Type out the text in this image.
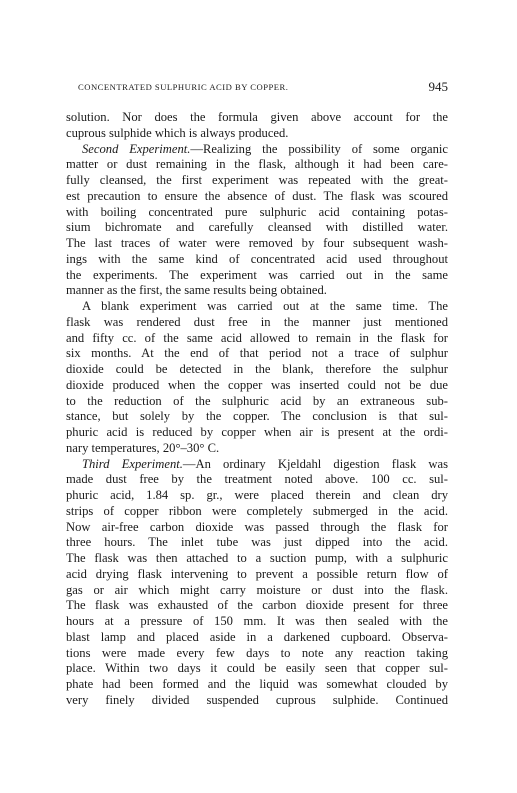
CONCENTRATED SULPHURIC ACID BY COPPER.	945
solution. Nor does the formula given above account for the
cuprous sulphide which is always produced.
Second Experiment.—Realizing the possibility of some organic
matter or dust remaining in the flask, although it had been care-
fully cleansed, the first experiment was repeated with the great-
est precaution to ensure the absence of dust. The flask was scoured
with boiling concentrated pure sulphuric acid containing potas-
sium bichromate and carefully cleansed with distilled water.
The last traces of water were removed by four subsequent wash-
ings with the same kind of concentrated acid used throughout
the experiments. The experiment was carried out in the same
manner as the first, the same results being obtained.
A blank experiment was carried out at the same time. The
flask was rendered dust free in the manner just mentioned
and fifty cc. of the same acid allowed to remain in the flask for
six months. At the end of that period not a trace of sulphur
dioxide could be detected in the blank, therefore the sulphur
dioxide produced when the copper was inserted could not be due
to the reduction of the sulphuric acid by an extraneous sub-
stance, but solely by the copper. The conclusion is that sul-
phuric acid is reduced by copper when air is present at the ordi-
nary temperatures, 20°–30° C.
Third Experiment.—An ordinary Kjeldahl digestion flask was
made dust free by the treatment noted above. 100 cc. sul-
phuric acid, 1.84 sp. gr., were placed therein and clean dry
strips of copper ribbon were completely submerged in the acid.
Now air-free carbon dioxide was passed through the flask for
three hours. The inlet tube was just dipped into the acid.
The flask was then attached to a suction pump, with a sulphuric
acid drying flask intervening to prevent a possible return flow of
gas or air which might carry moisture or dust into the flask.
The flask was exhausted of the carbon dioxide present for three
hours at a pressure of 150 mm. It was then sealed with the
blast lamp and placed aside in a darkened cupboard. Observa-
tions were made every few days to note any reaction taking
place. Within two days it could be easily seen that copper sul-
phate had been formed and the liquid was somewhat clouded by
very finely divided suspended cuprous sulphide. Continued
